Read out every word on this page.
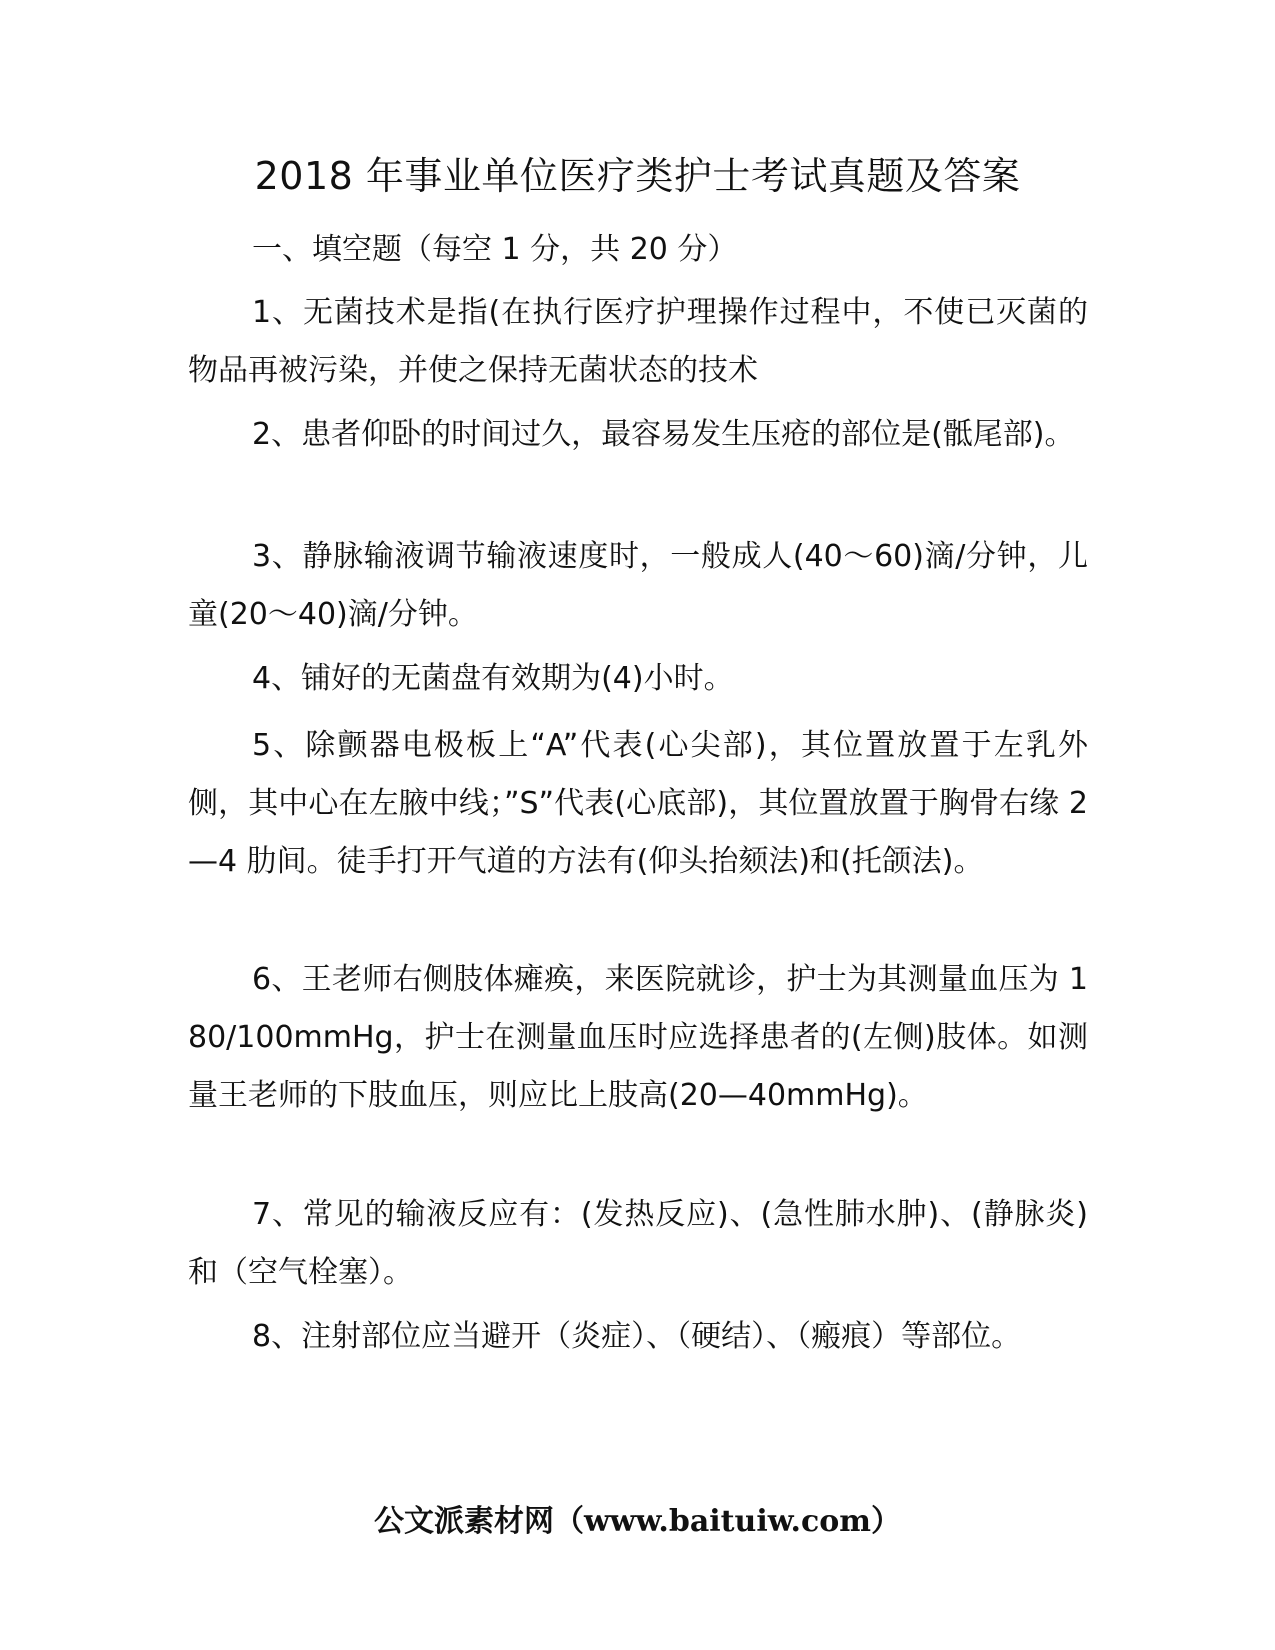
2018 年事业单位医疗类护士考试真题及答案

一、填空题（每空 1 分，共 20 分）

1、无菌技术是指(在执行医疗护理操作过程中，不使已灭菌的物品再被污染，并使之保持无菌状态的技术

2、患者仰卧的时间过久，最容易发生压疮的部位是(骶尾部)。

3、静脉输液调节输液速度时，一般成人(40～60)滴/分钟，儿童(20～40)滴/分钟。

4、铺好的无菌盘有效期为(4)小时。

5、除颤器电极板上“A”代表(心尖部)，其位置放置于左乳外侧，其中心在左腋中线；”S”代表(心底部)，其位置放置于胸骨右缘 2—4 肋间。徒手打开气道的方法有(仰头抬颏法)和(托颌法)。

6、王老师右侧肢体瘫痪，来医院就诊，护士为其测量血压为 180/100mmHg，护士在测量血压时应选择患者的(左侧)肢体。如测量王老师的下肢血压，则应比上肢高(20—40mmHg)。

7、常见的输液反应有：(发热反应)、(急性肺水肿)、(静脉炎)和（空气栓塞）。

8、注射部位应当避开（炎症）、（硬结）、（瘢痕）等部位。

公文派素材网（www.baituiw.com）
